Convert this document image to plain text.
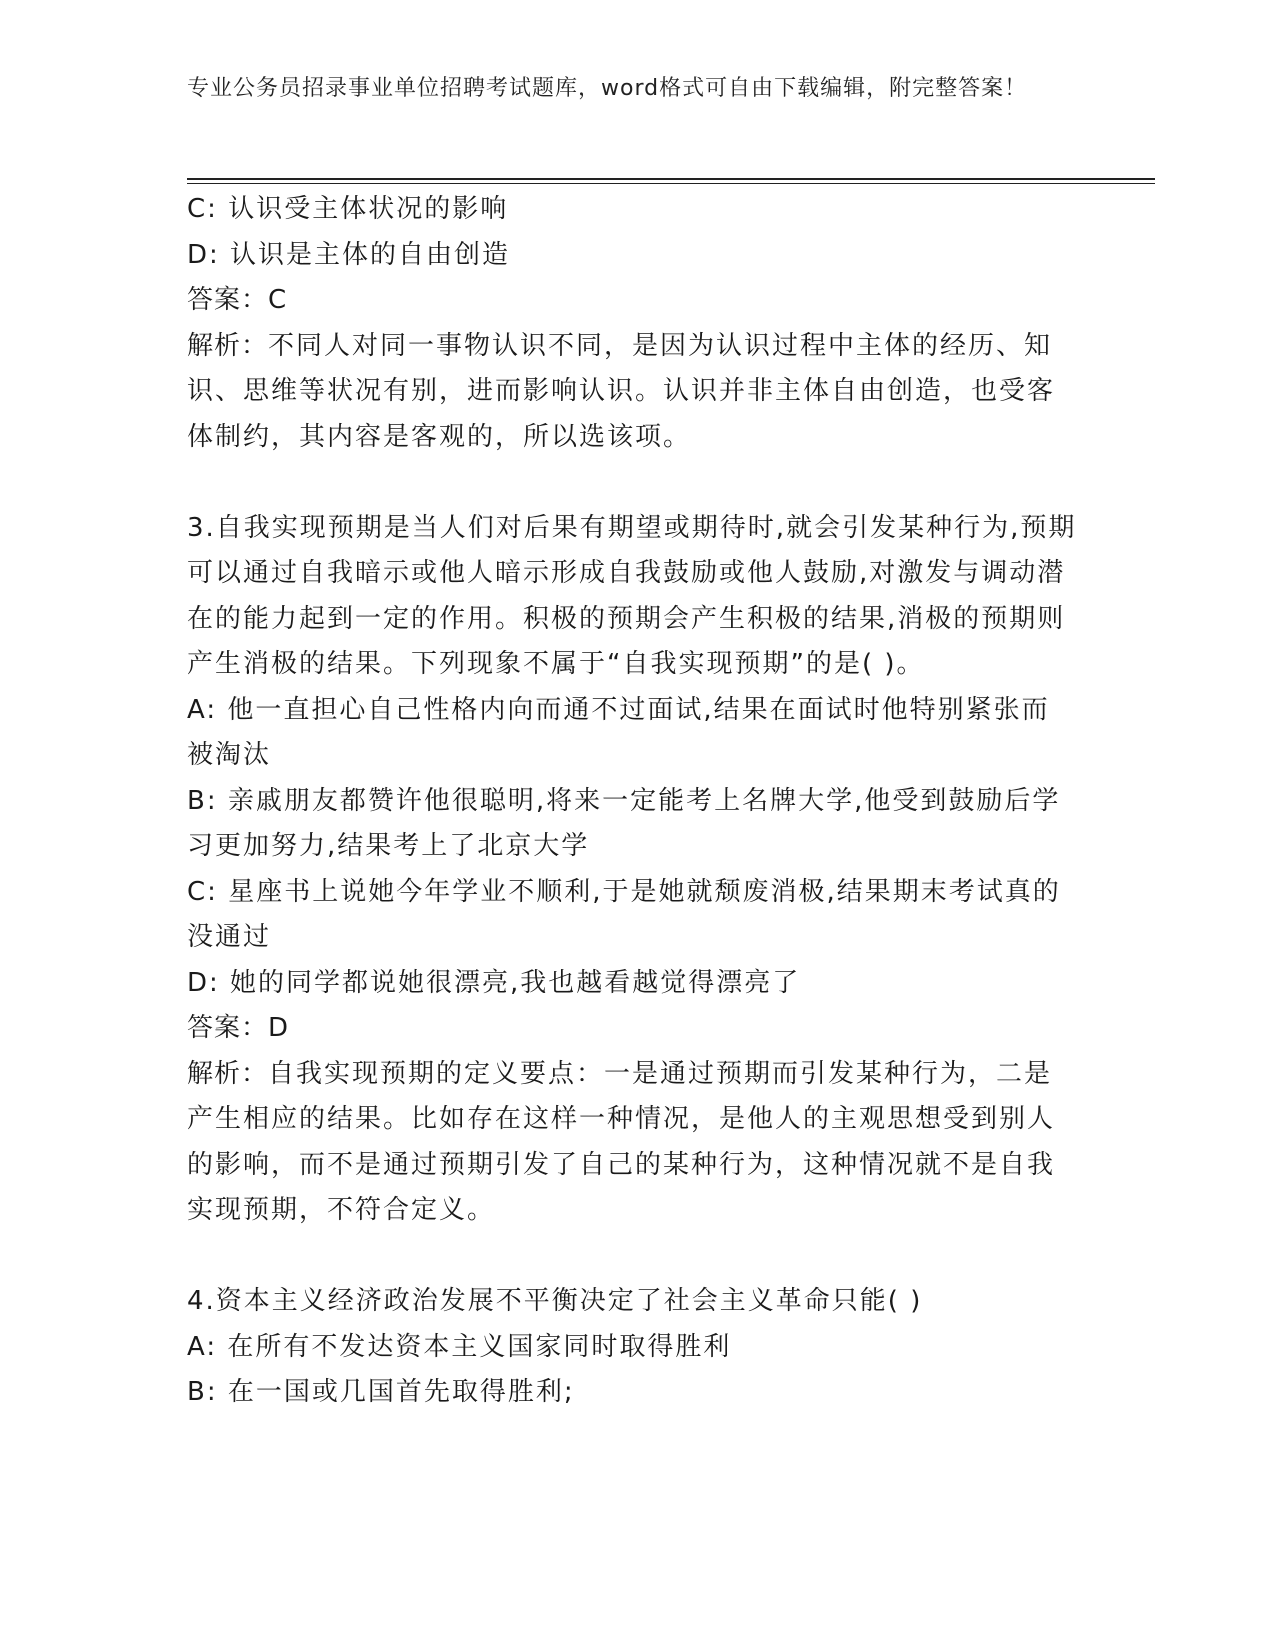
专业公务员招录事业单位招聘考试题库，word格式可自由下载编辑，附完整答案！

C: 认识受主体状况的影响

D: 认识是主体的自由创造

答案：C

解析：不同人对同一事物认识不同，是因为认识过程中主体的经历、知识、思维等状况有别，进而影响认识。认识并非主体自由创造，也受客体制约，其内容是客观的，所以选该项。

3.自我实现预期是当人们对后果有期望或期待时,就会引发某种行为,预期可以通过自我暗示或他人暗示形成自我鼓励或他人鼓励,对激发与调动潜在的能力起到一定的作用。积极的预期会产生积极的结果,消极的预期则产生消极的结果。下列现象不属于“自我实现预期”的是( )。

A: 他一直担心自己性格内向而通不过面试,结果在面试时他特别紧张而被淘汰

B: 亲戚朋友都赞许他很聪明,将来一定能考上名牌大学,他受到鼓励后学习更加努力,结果考上了北京大学

C: 星座书上说她今年学业不顺利,于是她就颓废消极,结果期末考试真的没通过

D: 她的同学都说她很漂亮,我也越看越觉得漂亮了

答案：D

解析：自我实现预期的定义要点：一是通过预期而引发某种行为，二是产生相应的结果。比如存在这样一种情况，是他人的主观思想受到别人的影响，而不是通过预期引发了自己的某种行为，这种情况就不是自我实现预期，不符合定义。

4.资本主义经济政治发展不平衡决定了社会主义革命只能( )

A: 在所有不发达资本主义国家同时取得胜利

B: 在一国或几国首先取得胜利;
